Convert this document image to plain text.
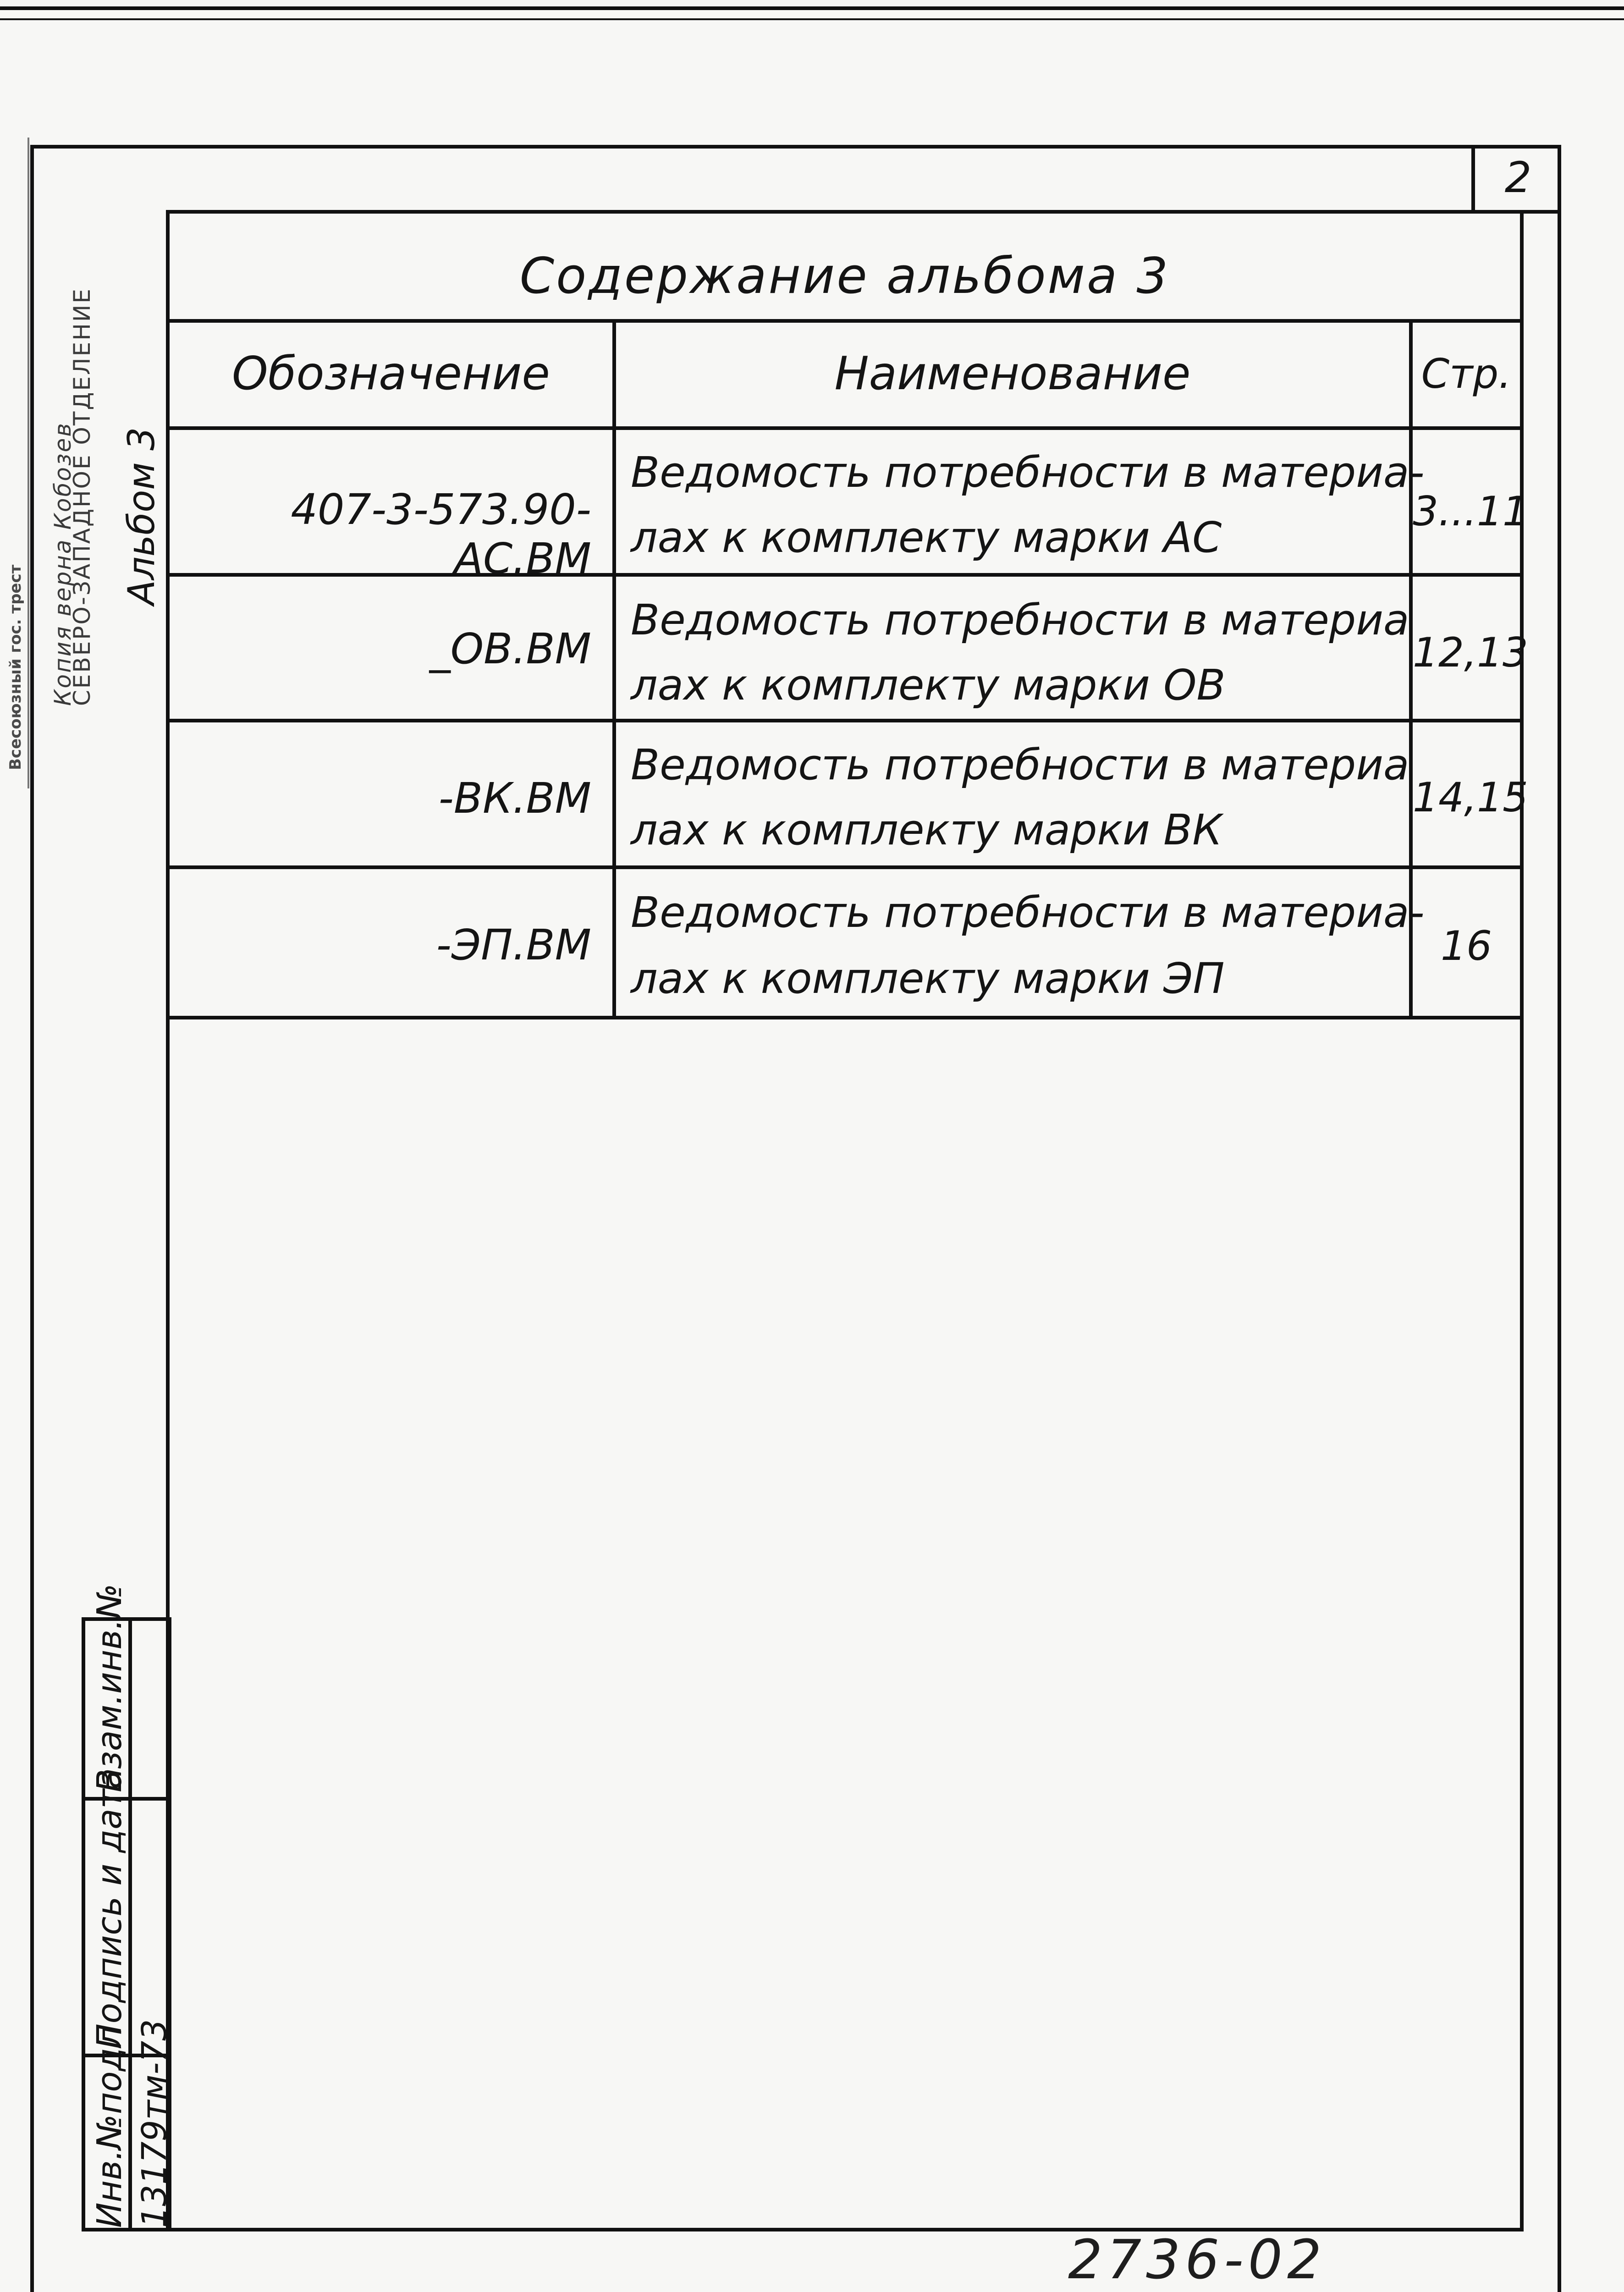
2
Содержание альбома 3
Обозначение	Наименование	Стр.
407-3-573.90-АС.ВМ
Ведомость потребности в материа-
лах к комплекту марки АС
3...11
_ОВ.ВМ
Ведомость потребности в материа
лах к комплекту марки ОВ
12,13
-ВК.ВМ
Ведомость потребности в материа
лах к комплекту марки ВК
14,15
-ЭП.ВМ
Ведомость потребности в материа-
лах к комплекту марки ЭП
16
Инв.№подл 13179тм-73
Подпись и дата
Взам.инв.№
Альбом 3
Копия верна Кобозев
СЕВЕРО-ЗАПАДНОЕ ОТДЕЛЕНИЕ
Всесоюзный гос. трест
2736-02
